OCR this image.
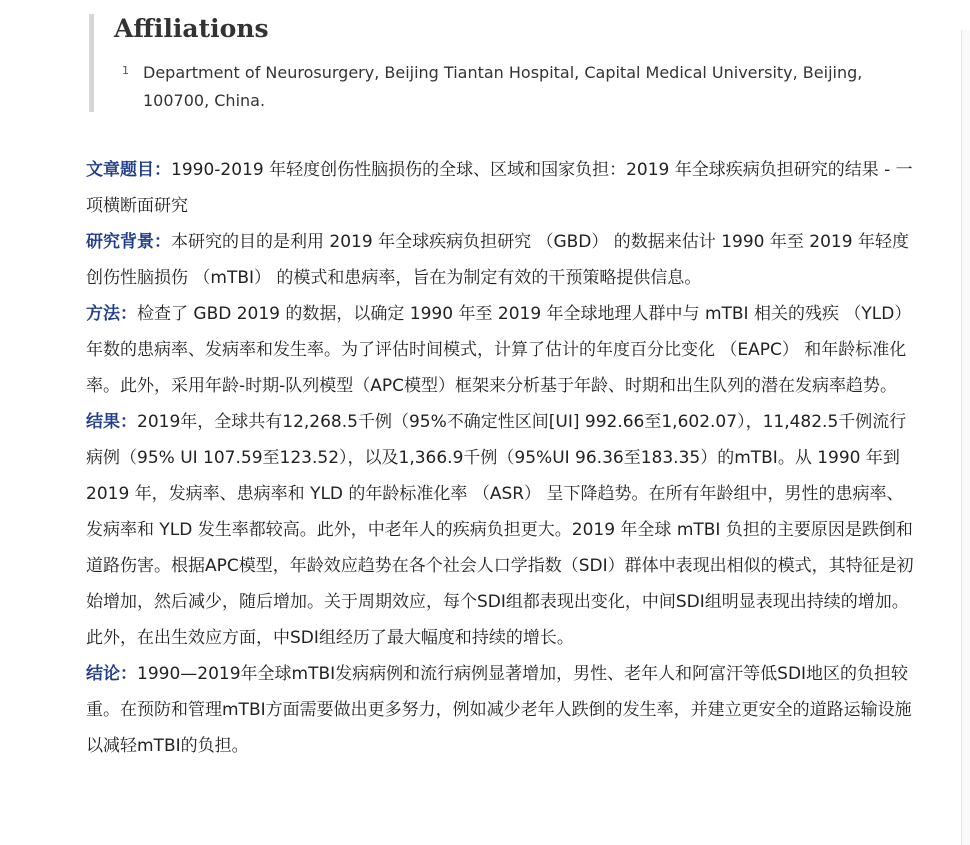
Affiliations
1 Department of Neurosurgery, Beijing Tiantan Hospital, Capital Medical University, Beijing, 100700, China.

文章题目：1990-2019 年轻度创伤性脑损伤的全球、区域和国家负担：2019 年全球疾病负担研究的结果 - 一项横断面研究

研究背景：本研究的目的是利用 2019 年全球疾病负担研究 （GBD） 的数据来估计 1990 年至 2019 年轻度创伤性脑损伤 （mTBI） 的模式和患病率，旨在为制定有效的干预策略提供信息。

方法：检查了 GBD 2019 的数据，以确定 1990 年至 2019 年全球地理人群中与 mTBI 相关的残疾 （YLD） 年数的患病率、发病率和发生率。为了评估时间模式，计算了估计的年度百分比变化 （EAPC） 和年龄标准化率。此外，采用年龄-时期-队列模型（APC模型）框架来分析基于年龄、时期和出生队列的潜在发病率趋势。

结果：2019年，全球共有12,268.5千例（95%不确定性区间[UI] 992.66至1,602.07），11,482.5千例流行病例（95% UI 107.59至123.52），以及1,366.9千例（95%UI 96.36至183.35）的mTBI。从 1990 年到 2019 年，发病率、患病率和 YLD 的年龄标准化率 （ASR） 呈下降趋势。在所有年龄组中，男性的患病率、发病率和 YLD 发生率都较高。此外，中老年人的疾病负担更大。2019 年全球 mTBI 负担的主要原因是跌倒和道路伤害。根据APC模型，年龄效应趋势在各个社会人口学指数（SDI）群体中表现出相似的模式，其特征是初始增加，然后减少，随后增加。关于周期效应，每个SDI组都表现出变化，中间SDI组明显表现出持续的增加。此外，在出生效应方面，中SDI组经历了最大幅度和持续的增长。

结论：1990—2019年全球mTBI发病病例和流行病例显著增加，男性、老年人和阿富汗等低SDI地区的负担较重。在预防和管理mTBI方面需要做出更多努力，例如减少老年人跌倒的发生率，并建立更安全的道路运输设施以减轻mTBI的负担。
